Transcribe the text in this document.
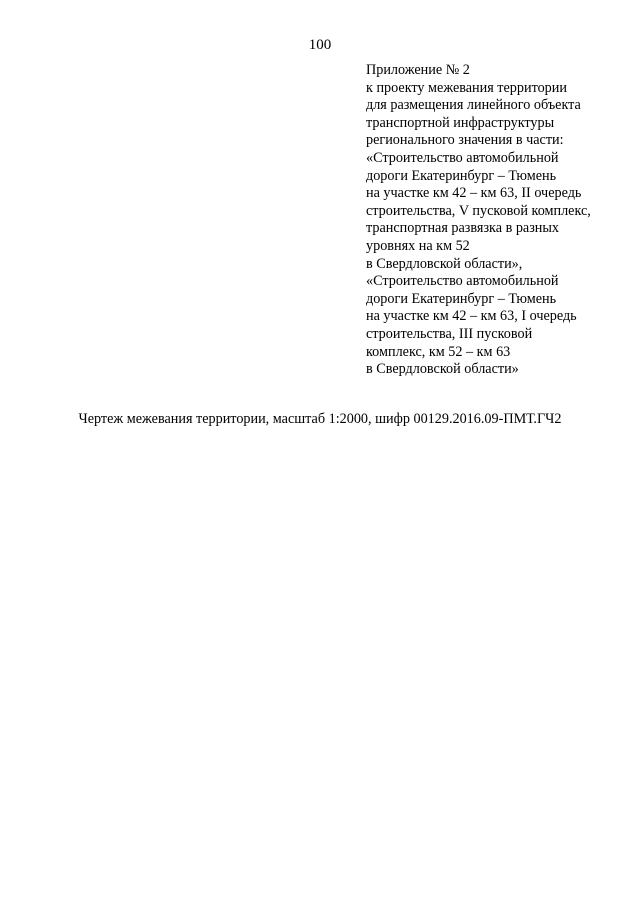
100
Приложение № 2
к проекту межевания территории
для размещения линейного объекта
транспортной инфраструктуры
регионального значения в части:
«Строительство автомобильной
дороги Екатеринбург – Тюмень
на участке км 42 – км 63, II очередь
строительства, V пусковой комплекс,
транспортная развязка в разных
уровнях на км 52
в Свердловской области»,
«Строительство автомобильной
дороги Екатеринбург – Тюмень
на участке км 42 – км 63, I очередь
строительства, III пусковой
комплекс, км 52 – км 63
в Свердловской области»
Чертеж межевания территории, масштаб 1:2000, шифр 00129.2016.09-ПМТ.ГЧ2
